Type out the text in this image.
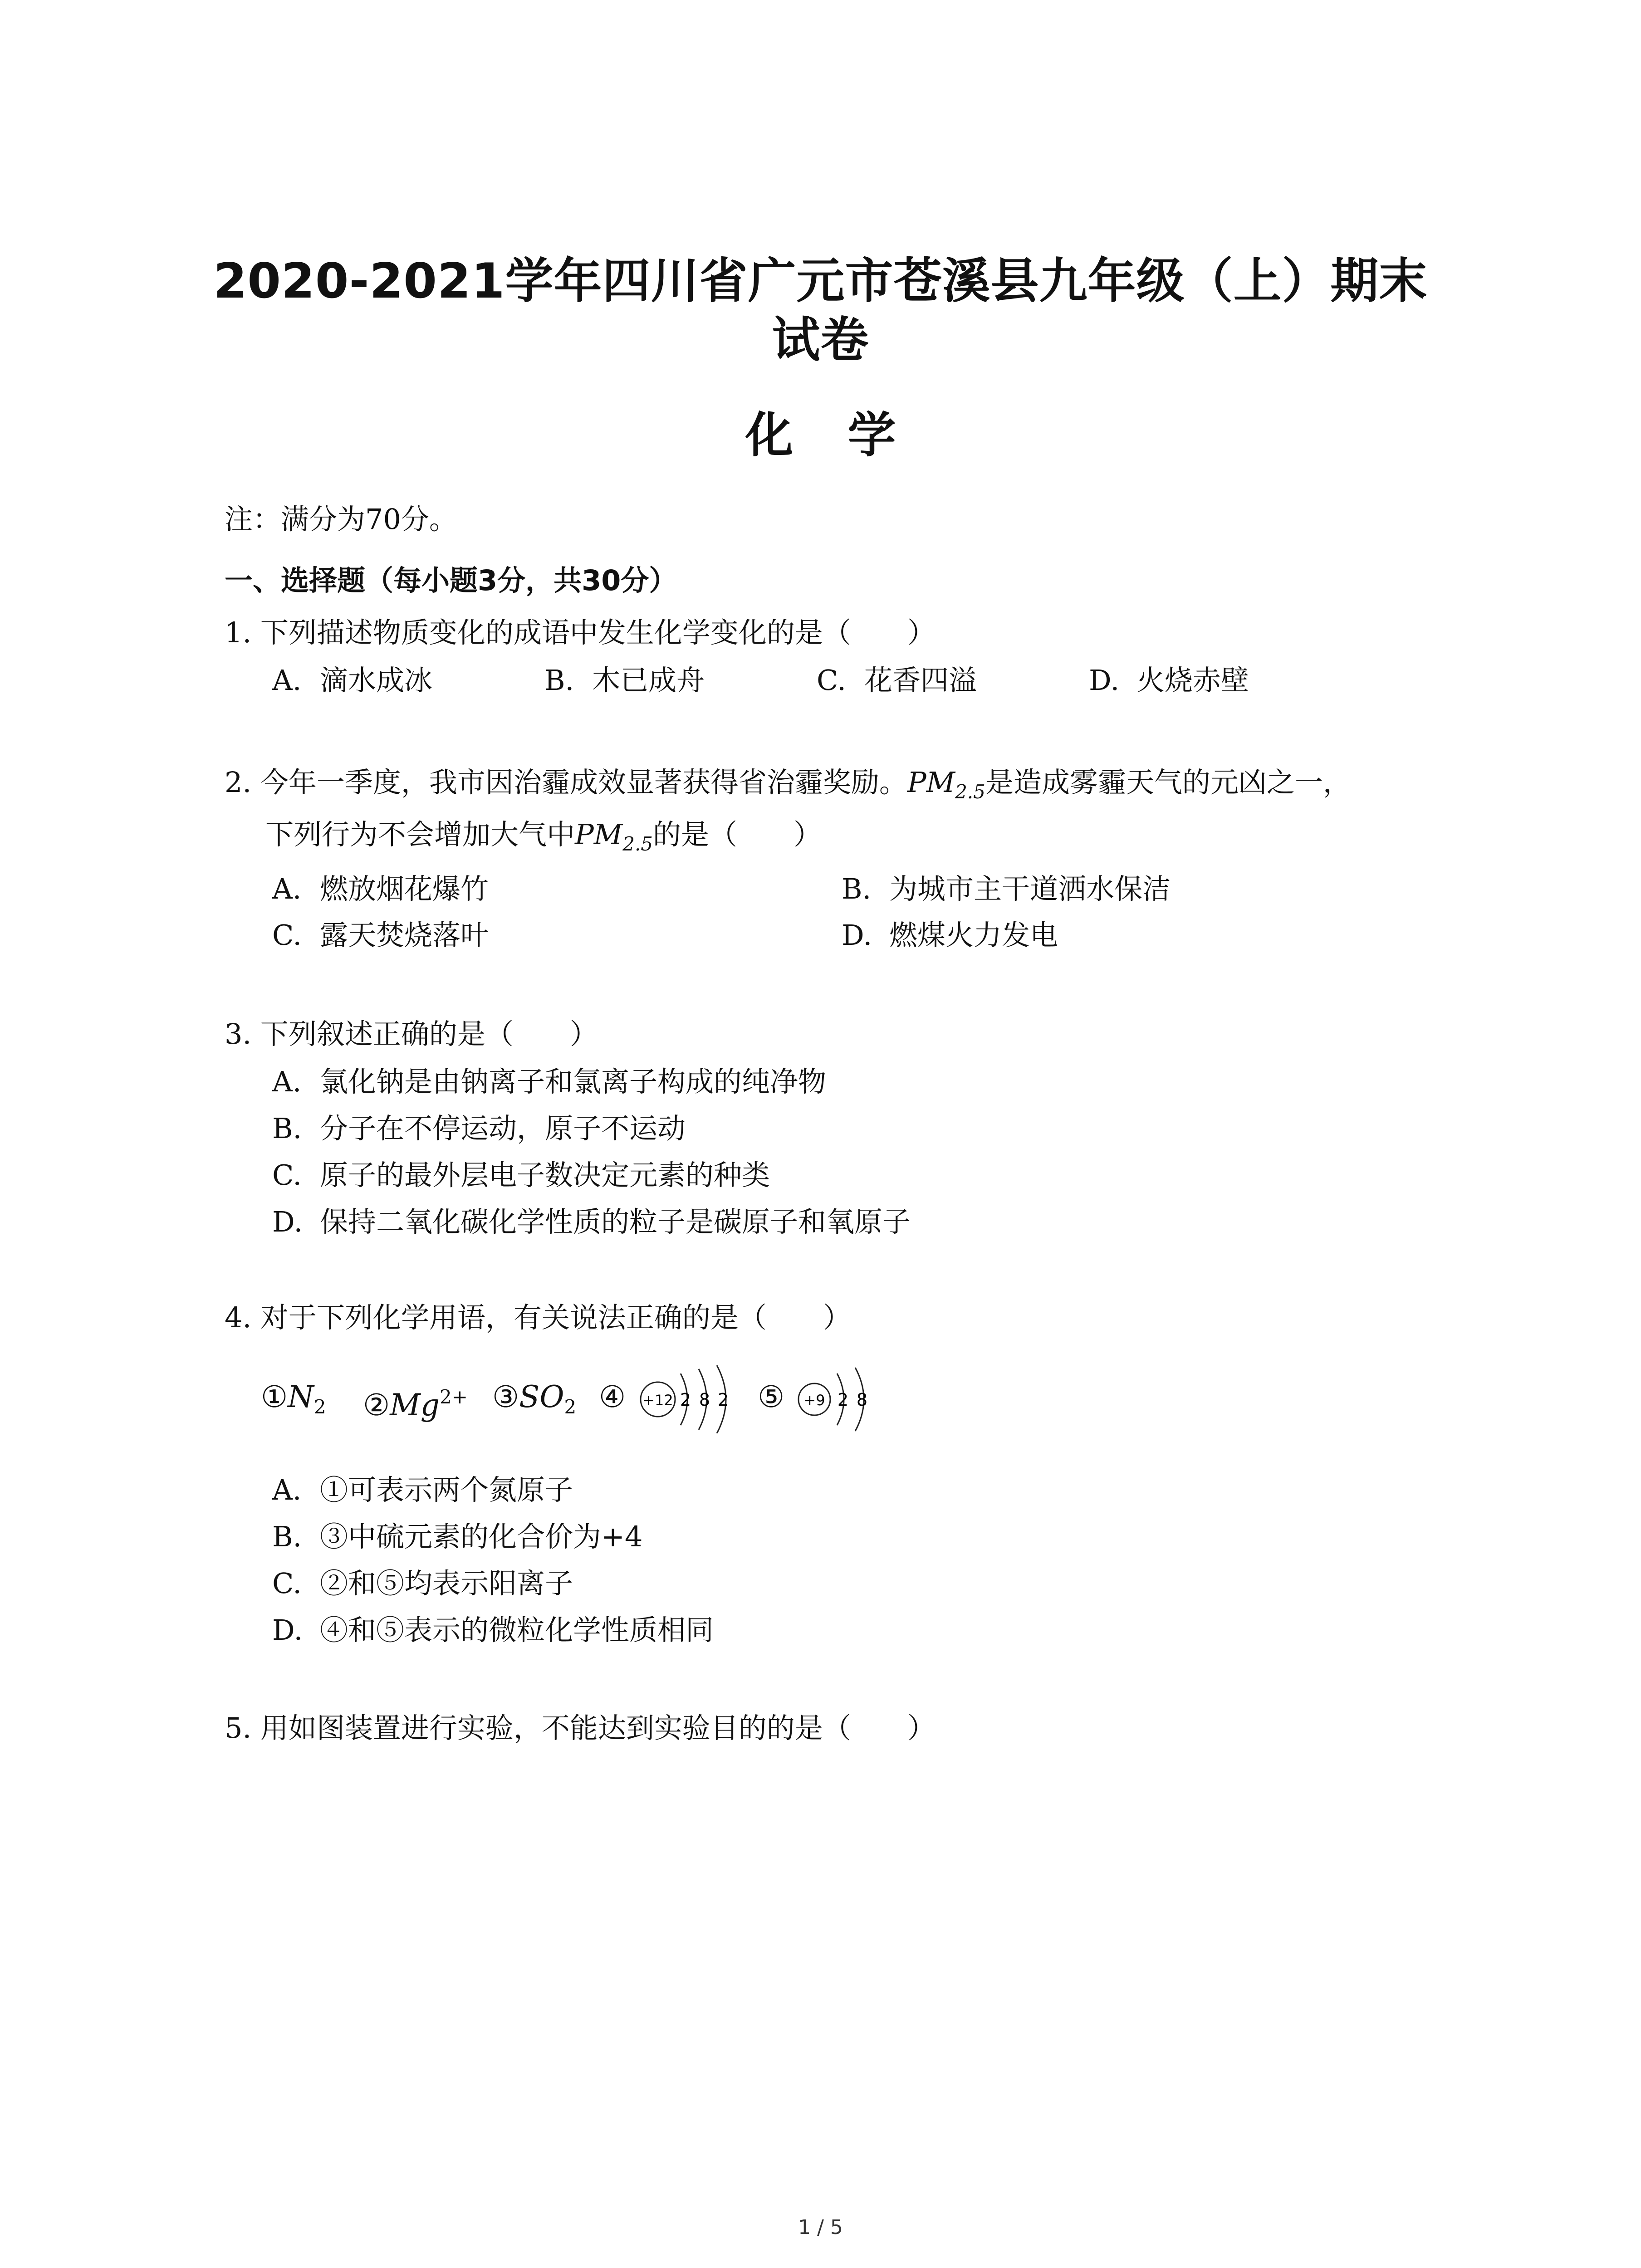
2020-2021学年四川省广元市苍溪县九年级（上）期末
试卷
化学
注：满分为70分。
一、选择题（每小题3分，共30分）
1. 下列描述物质变化的成语中发生化学变化的是（　　）
A. 滴水成冰	B. 木已成舟	C. 花香四溢	D. 火烧赤壁
2. 今年一季度，我市因治霾成效显著获得省治霾奖励。$PM_{2.5}$是造成雾霾天气的元凶之一，
下列行为不会增加大气中$PM_{2.5}$的是（　　）
A. 燃放烟花爆竹	B. 为城市主干道洒水保洁
C. 露天焚烧落叶	D. 燃煤火力发电
3. 下列叙述正确的是（　　）
A. 氯化钠是由钠离子和氯离子构成的纯净物
B. 分子在不停运动，原子不运动
C. 原子的最外层电子数决定元素的种类
D. 保持二氧化碳化学性质的粒子是碳原子和氧原子
4. 对于下列化学用语，有关说法正确的是（　　）
$①N_2$ $②Mg^{2+}$ $③SO_2$ ④ +12 2 8 2 ⑤ +9 2 8
A. ①可表示两个氮原子
B. ③中硫元素的化合价为+4
C. ②和⑤均表示阳离子
D. ④和⑤表示的微粒化学性质相同
5. 用如图装置进行实验，不能达到实验目的的是（　　）
1 / 5
